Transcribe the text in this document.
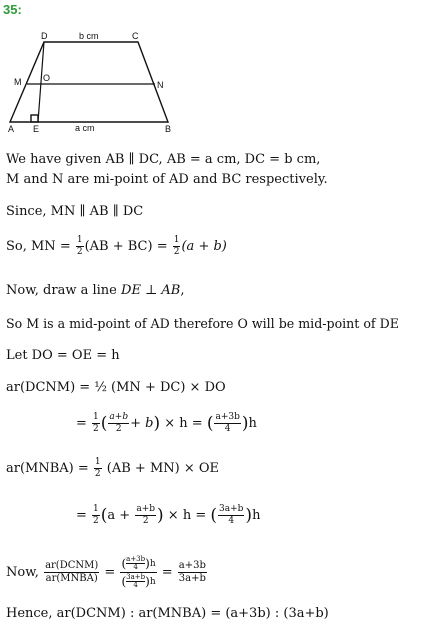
35:
D	b cm	C
M O
N
A E	a cm	B
We have given AB ∥ DC, AB = a cm, DC = b cm,
M and N are mi-point of AD and BC respectively.
Since, MN ∥ AB ∥ DC
So, MN = $\frac{1}{2} (AB + BC) = \frac{1}{2} (a + b)$
Now, draw a line DE ⊥ AB,
So M is a mid-point of AD therefore O will be mid-point of DE
Let DO = OE = h
ar(DCNM) = ½ (MN + DC) × DO
= $\frac{1}{2}$ ( $\frac{a+b}{2} + b) \times h$ = ( $\frac{a+3b}{4} )h$
ar(MNBA) = $\frac{1}{2} (AB + MN)$ × OE
= $\frac{1}{2} (a + \frac{a+b}{2}$ ) × h = ( $\frac{3a+b}{4} )h$
Now, $\frac{\text{ar(DCNM)}}{\text{ar(MNBA)}} = \frac{( \frac{a+3b}{4} )h}{( \frac{3a+b}{4} )h} = \frac{a+3b}{3a+b}$
Hence, ar(DCNM) : ar(MNBA) = (a+3b) : (3a+b)
